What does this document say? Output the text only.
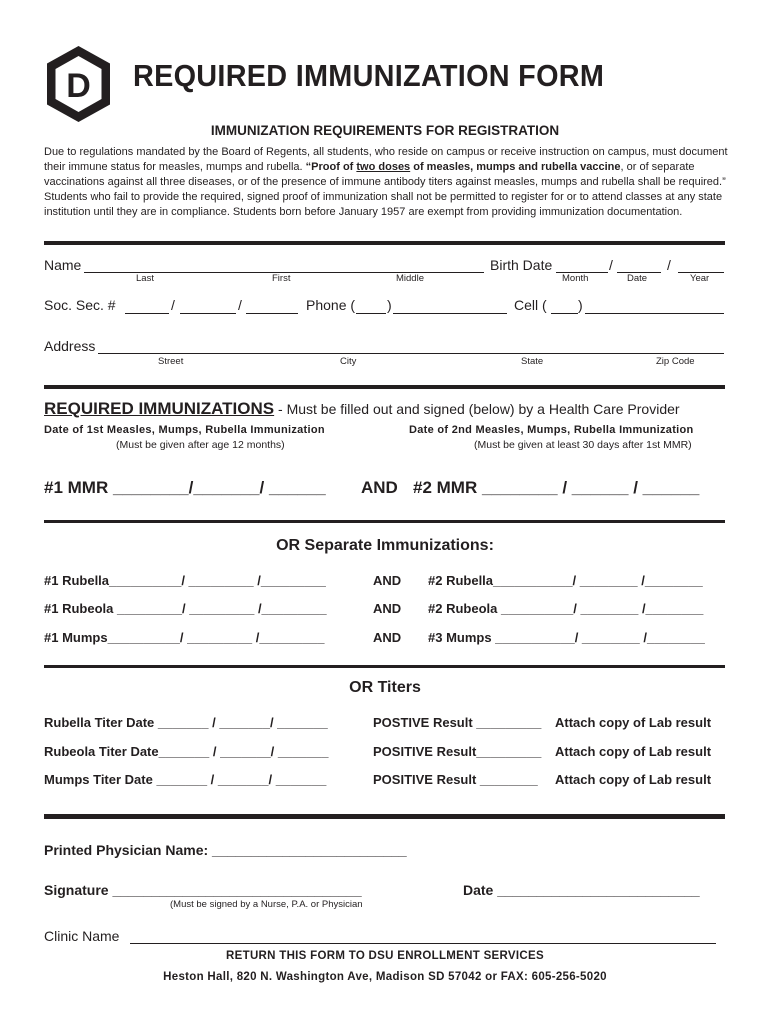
D REQUIRED IMMUNIZATION FORM
IMMUNIZATION REQUIREMENTS FOR REGISTRATION
Due to regulations mandated by the Board of Regents, all students, who reside on campus or receive instruction on campus, must document their immune status for measles, mumps and rubella. “Proof of two doses of measles, mumps and rubella vaccine, or of separate vaccinations against all three diseases, or of the presence of immune antibody titers against measles, mumps and rubella shall be required.” Students who fail to provide the required, signed proof of immunization shall not be permitted to register for or to attend classes at any state institution until they are in compliance. Students born before January 1957 are exempt from providing immunization documentation.
Name
Last	First	Middle
Birth Date	/	/
Month	Date	Year
Soc. Sec. #	/	/	Phone ( )	Cell ( )
Address
Street	City	State	Zip Code
REQUIRED IMMUNIZATIONS - Must be filled out and signed (below) by a Health Care Provider
Date of 1st Measles, Mumps, Rubella Immunization
(Must be given after age 12 months)
Date of 2nd Measles, Mumps, Rubella Immunization
(Must be given at least 30 days after 1st MMR)
#1 MMR ________/_______/ ______ AND #2 MMR ________ / ______ / ______
OR Separate Immunizations:
#1 Rubella__________/ _________ /_________	AND #2 Rubella___________/ ________ /________
#1 Rubeola _________/ _________ /_________	AND #2 Rubeola __________/ ________ /________
#1 Mumps__________/ _________ /_________	AND #3 Mumps ___________/ ________ /________
OR Titers
Rubella Titer Date _______ / _______/ _______	POSTIVE Result _________ Attach copy of Lab result
Rubeola Titer Date_______ / _______/ _______	POSITIVE Result_________ Attach copy of Lab result
Mumps Titer Date _______ / _______/ _______	POSITIVE Result ________ Attach copy of Lab result
Printed Physician Name: _________________________
Signature ________________________________
(Must be signed by a Nurse, P.A. or Physician
Date __________________________
Clinic Name
RETURN THIS FORM TO DSU ENROLLMENT SERVICES
Heston Hall, 820 N. Washington Ave, Madison SD 57042 or FAX: 605-256-5020
